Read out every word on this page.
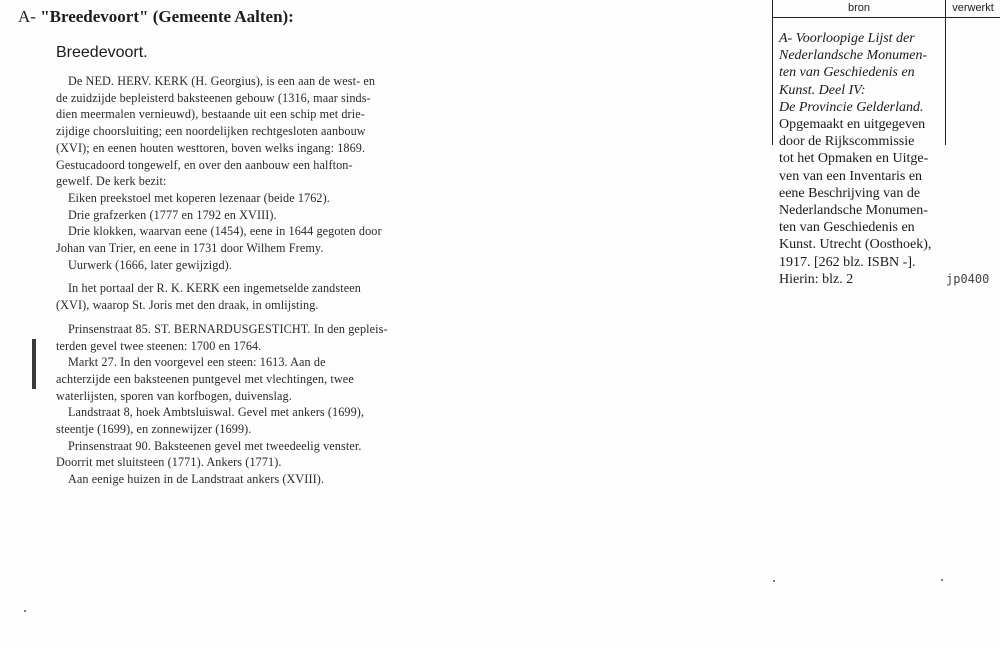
A- "Breedevoort" (Gemeente Aalten):
Breedevoort.

De NED. HERV. KERK (H. Georgius), is een aan de west- en

de zuidzijde bepleisterd baksteenen gebouw (1316, maar sinds-

dien meermalen vernieuwd), bestaande uit een schip met drie-

zijdige choorsluiting; een noordelijken rechtgesloten aanbouw

(XVI); en eenen houten westtoren, boven welks ingang: 1869.

Gestucadoord tongewelf, en over den aanbouw een halfton-

gewelf. De kerk bezit:

Eiken preekstoel met koperen lezenaar (beide 1762).

Drie grafzerken (1777 en 1792 en XVIII).

Drie klokken, waarvan eene (1454), eene in 1644 gegoten door

Johan van Trier, en eene in 1731 door Wilhem Fremy.

Uurwerk (1666, later gewijzigd).

In het portaal der R. K. KERK een ingemetselde zandsteen

(XVI), waarop St. Joris met den draak, in omlijsting.

Prinsenstraat 85. ST. BERNARDUSGESTICHT. In den gepleis-

terden gevel twee steenen: 1700 en 1764.

Markt 27. In den voorgevel een steen: 1613. Aan de

achterzijde een baksteenen puntgevel met vlechtingen, twee

waterlijsten, sporen van korfbogen, duivenslag.

Landstraat 8, hoek Ambtsluiswal. Gevel met ankers (1699),

steentje (1699), en zonnewijzer (1699).

Prinsenstraat 90. Baksteenen gevel met tweedeelig venster.

Doorrit met sluitsteen (1771). Ankers (1771).

Aan eenige huizen in de Landstraat ankers (XVIII).

bron	verwerkt
A- Voorloopige Lijst der
Nederlandsche Monumen-
ten van Geschiedenis en
Kunst. Deel IV:
De Provincie Gelderland.
Opgemaakt en uitgegeven
door de Rijkscommissie
tot het Opmaken en Uitge-
ven van een Inventaris en
eene Beschrijving van de
Nederlandsche Monumen-
ten van Geschiedenis en
Kunst. Utrecht (Oosthoek),
1917. [262 blz. ISBN -].
Hierin: blz. 2	jp0400
